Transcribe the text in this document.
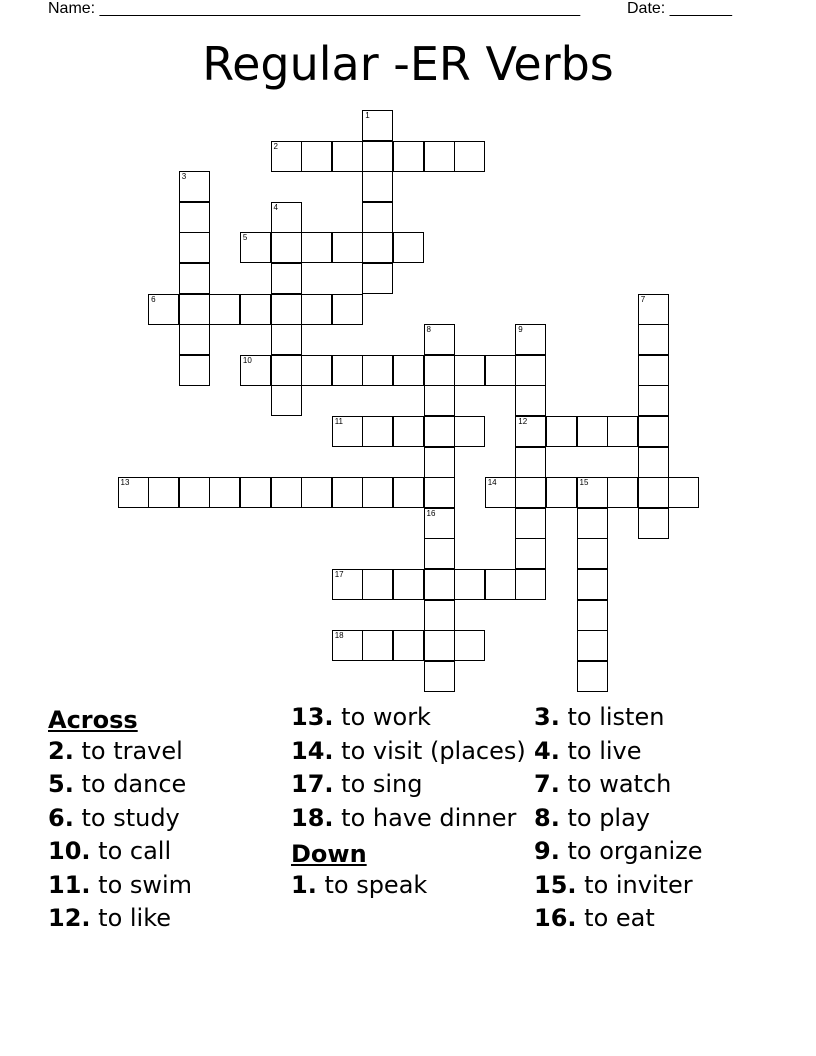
Name: ______________________________________________________	Date: _______
Regular -ER Verbs
1
2
3
4
5
6	7
8	9
12
10
11
13	14	15
16
17
18
Across
2. to travel
5. to dance
6. to study
10. to call
11. to swim
12. to like
13. to work
14. to visit (places)
17. to sing
18. to have dinner
Down
1. to speak
3. to listen
4. to live
7. to watch
8. to play
9. to organize
15. to inviter
16. to eat
